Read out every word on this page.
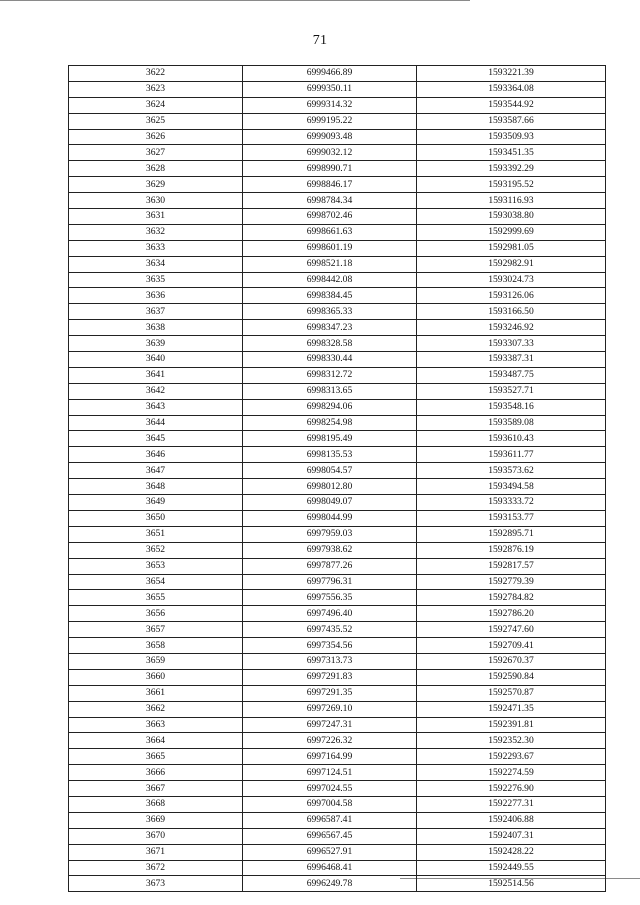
71
3622	6999466.89	1593221.39
3623	6999350.11	1593364.08
3624	6999314.32	1593544.92
3625	6999195.22	1593587.66
3626	6999093.48	1593509.93
3627	6999032.12	1593451.35
3628	6998990.71	1593392.29
3629	6998846.17	1593195.52
3630	6998784.34	1593116.93
3631	6998702.46	1593038.80
3632	6998661.63	1592999.69
3633	6998601.19	1592981.05
3634	6998521.18	1592982.91
3635	6998442.08	1593024.73
3636	6998384.45	1593126.06
3637	6998365.33	1593166.50
3638	6998347.23	1593246.92
3639	6998328.58	1593307.33
3640	6998330.44	1593387.31
3641	6998312.72	1593487.75
3642	6998313.65	1593527.71
3643	6998294.06	1593548.16
3644	6998254.98	1593589.08
3645	6998195.49	1593610.43
3646	6998135.53	1593611.77
3647	6998054.57	1593573.62
3648	6998012.80	1593494.58
3649	6998049.07	1593333.72
3650	6998044.99	1593153.77
3651	6997959.03	1592895.71
3652	6997938.62	1592876.19
3653	6997877.26	1592817.57
3654	6997796.31	1592779.39
3655	6997556.35	1592784.82
3656	6997496.40	1592786.20
3657	6997435.52	1592747.60
3658	6997354.56	1592709.41
3659	6997313.73	1592670.37
3660	6997291.83	1592590.84
3661	6997291.35	1592570.87
3662	6997269.10	1592471.35
3663	6997247.31	1592391.81
3664	6997226.32	1592352.30
3665	6997164.99	1592293.67
3666	6997124.51	1592274.59
3667	6997024.55	1592276.90
3668	6997004.58	1592277.31
3669	6996587.41	1592406.88
3670	6996567.45	1592407.31
3671	6996527.91	1592428.22
3672	6996468.41	1592449.55
3673	6996249.78	1592514.56
